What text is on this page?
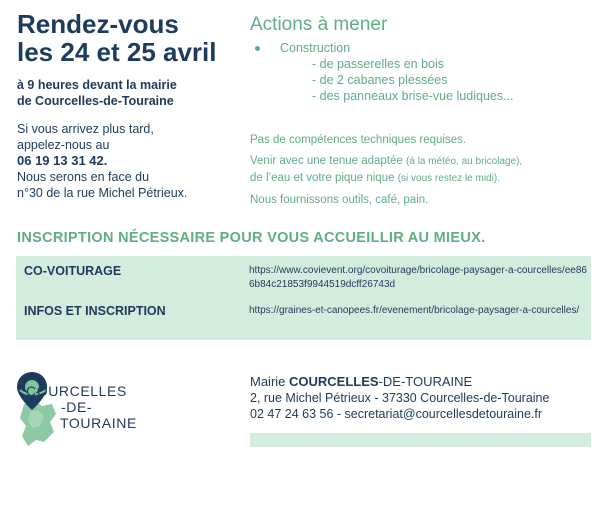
Rendez-vous
les 24 et 25 avril
à 9 heures devant la mairie
de Courcelles-de-Touraine
Si vous arrivez plus tard,
appelez-nous au
06 19 13 31 42.
Nous serons en face du
n°30 de la rue Michel Pétrieux.
Actions à mener
Construction
- de passerelles en bois
- de 2 cabanes plessées
- des panneaux brise-vue ludiques...

Pas de compétences techniques requises.

Venir avec une tenue adaptée (à la météo, au bricolage),

de l’eau et votre pique nique (si vous restez le midi).

Nous fournissons outils, café, pain.

INSCRIPTION NÉCESSAIRE POUR VOUS ACCUEILLIR AU MIEUX.
CO-VOITURAGE	https://www.covievent.org/covoiturage/bricolage-paysager-a-courcelles/ee866b84c21853f9944519dcff26743d
INFOS ET INSCRIPTION	https://graines-et-canopees.fr/evenement/bricolage-paysager-a-courcelles/
COURCELLES
-DE-
TOURAINE
Mairie COURCELLES-DE-TOURAINE
2, rue Michel Pétrieux - 37330 Courcelles-de-Touraine
02 47 24 63 56 - secretariat@courcellesdetouraine.fr
